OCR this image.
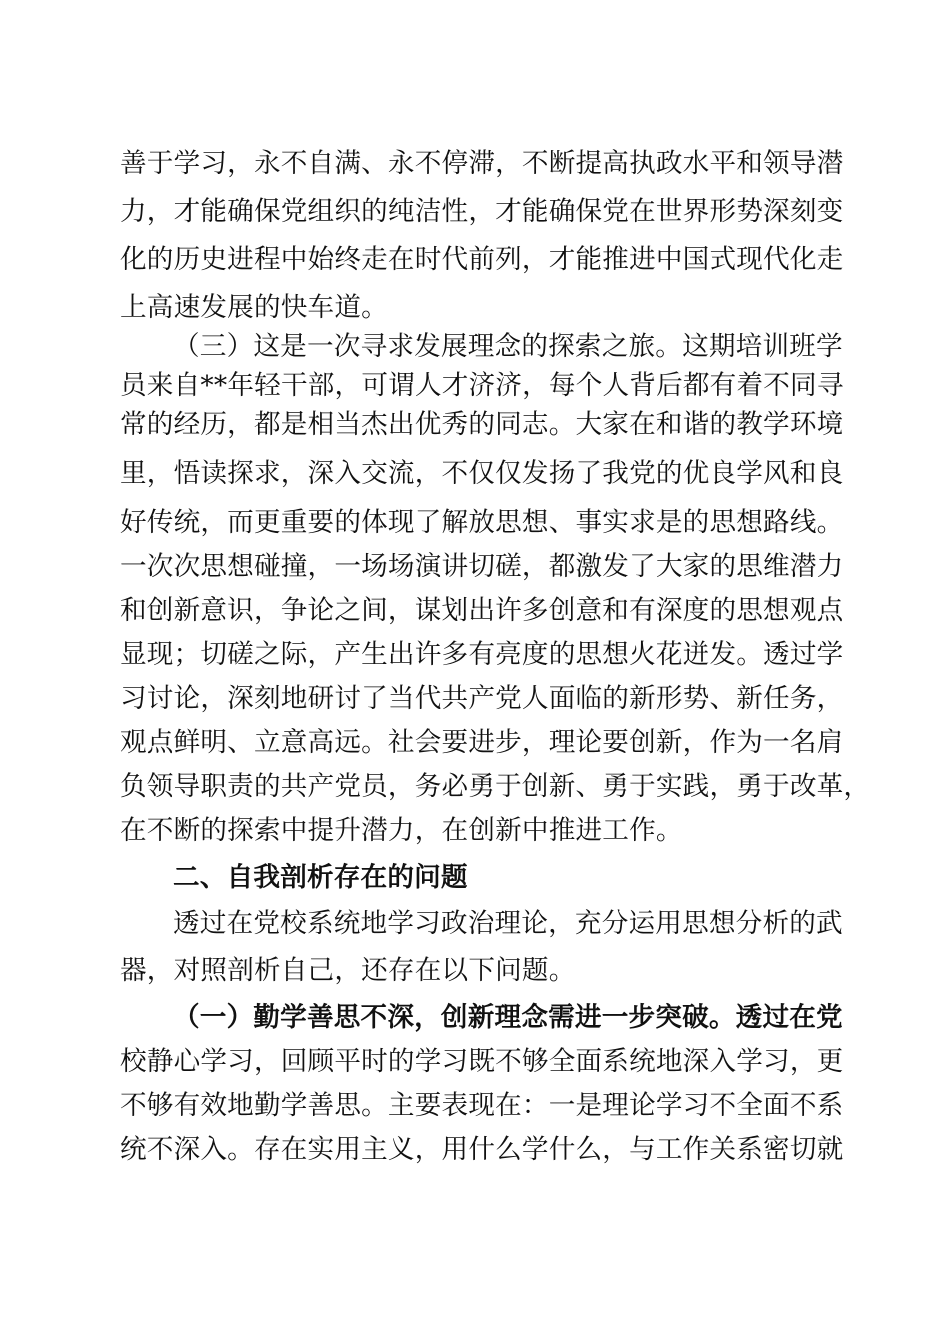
善于学习，永不自满、永不停滞，不断提高执政水平和领导潜
力，才能确保党组织的纯洁性，才能确保党在世界形势深刻变
化的历史进程中始终走在时代前列，才能推进中国式现代化走
上高速发展的快车道。
（三）这是一次寻求发展理念的探索之旅。这期培训班学
员来自**年轻干部，可谓人才济济，每个人背后都有着不同寻
常的经历，都是相当杰出优秀的同志。大家在和谐的教学环境
里，悟读探求，深入交流，不仅仅发扬了我党的优良学风和良
好传统，而更重要的体现了解放思想、事实求是的思想路线。
一次次思想碰撞，一场场演讲切磋，都激发了大家的思维潜力
和创新意识，争论之间，谋划出许多创意和有深度的思想观点
显现；切磋之际，产生出许多有亮度的思想火花迸发。透过学
习讨论，深刻地研讨了当代共产党人面临的新形势、新任务，
观点鲜明、立意高远。社会要进步，理论要创新，作为一名肩
负领导职责的共产党员，务必勇于创新、勇于实践，勇于改革，
在不断的探索中提升潜力，在创新中推进工作。
二、自我剖析存在的问题
透过在党校系统地学习政治理论，充分运用思想分析的武
器，对照剖析自己，还存在以下问题。
（一）勤学善思不深，创新理念需进一步突破。透过在党
校静心学习，回顾平时的学习既不够全面系统地深入学习，更
不够有效地勤学善思。主要表现在：一是理论学习不全面不系
统不深入。存在实用主义，用什么学什么，与工作关系密切就
